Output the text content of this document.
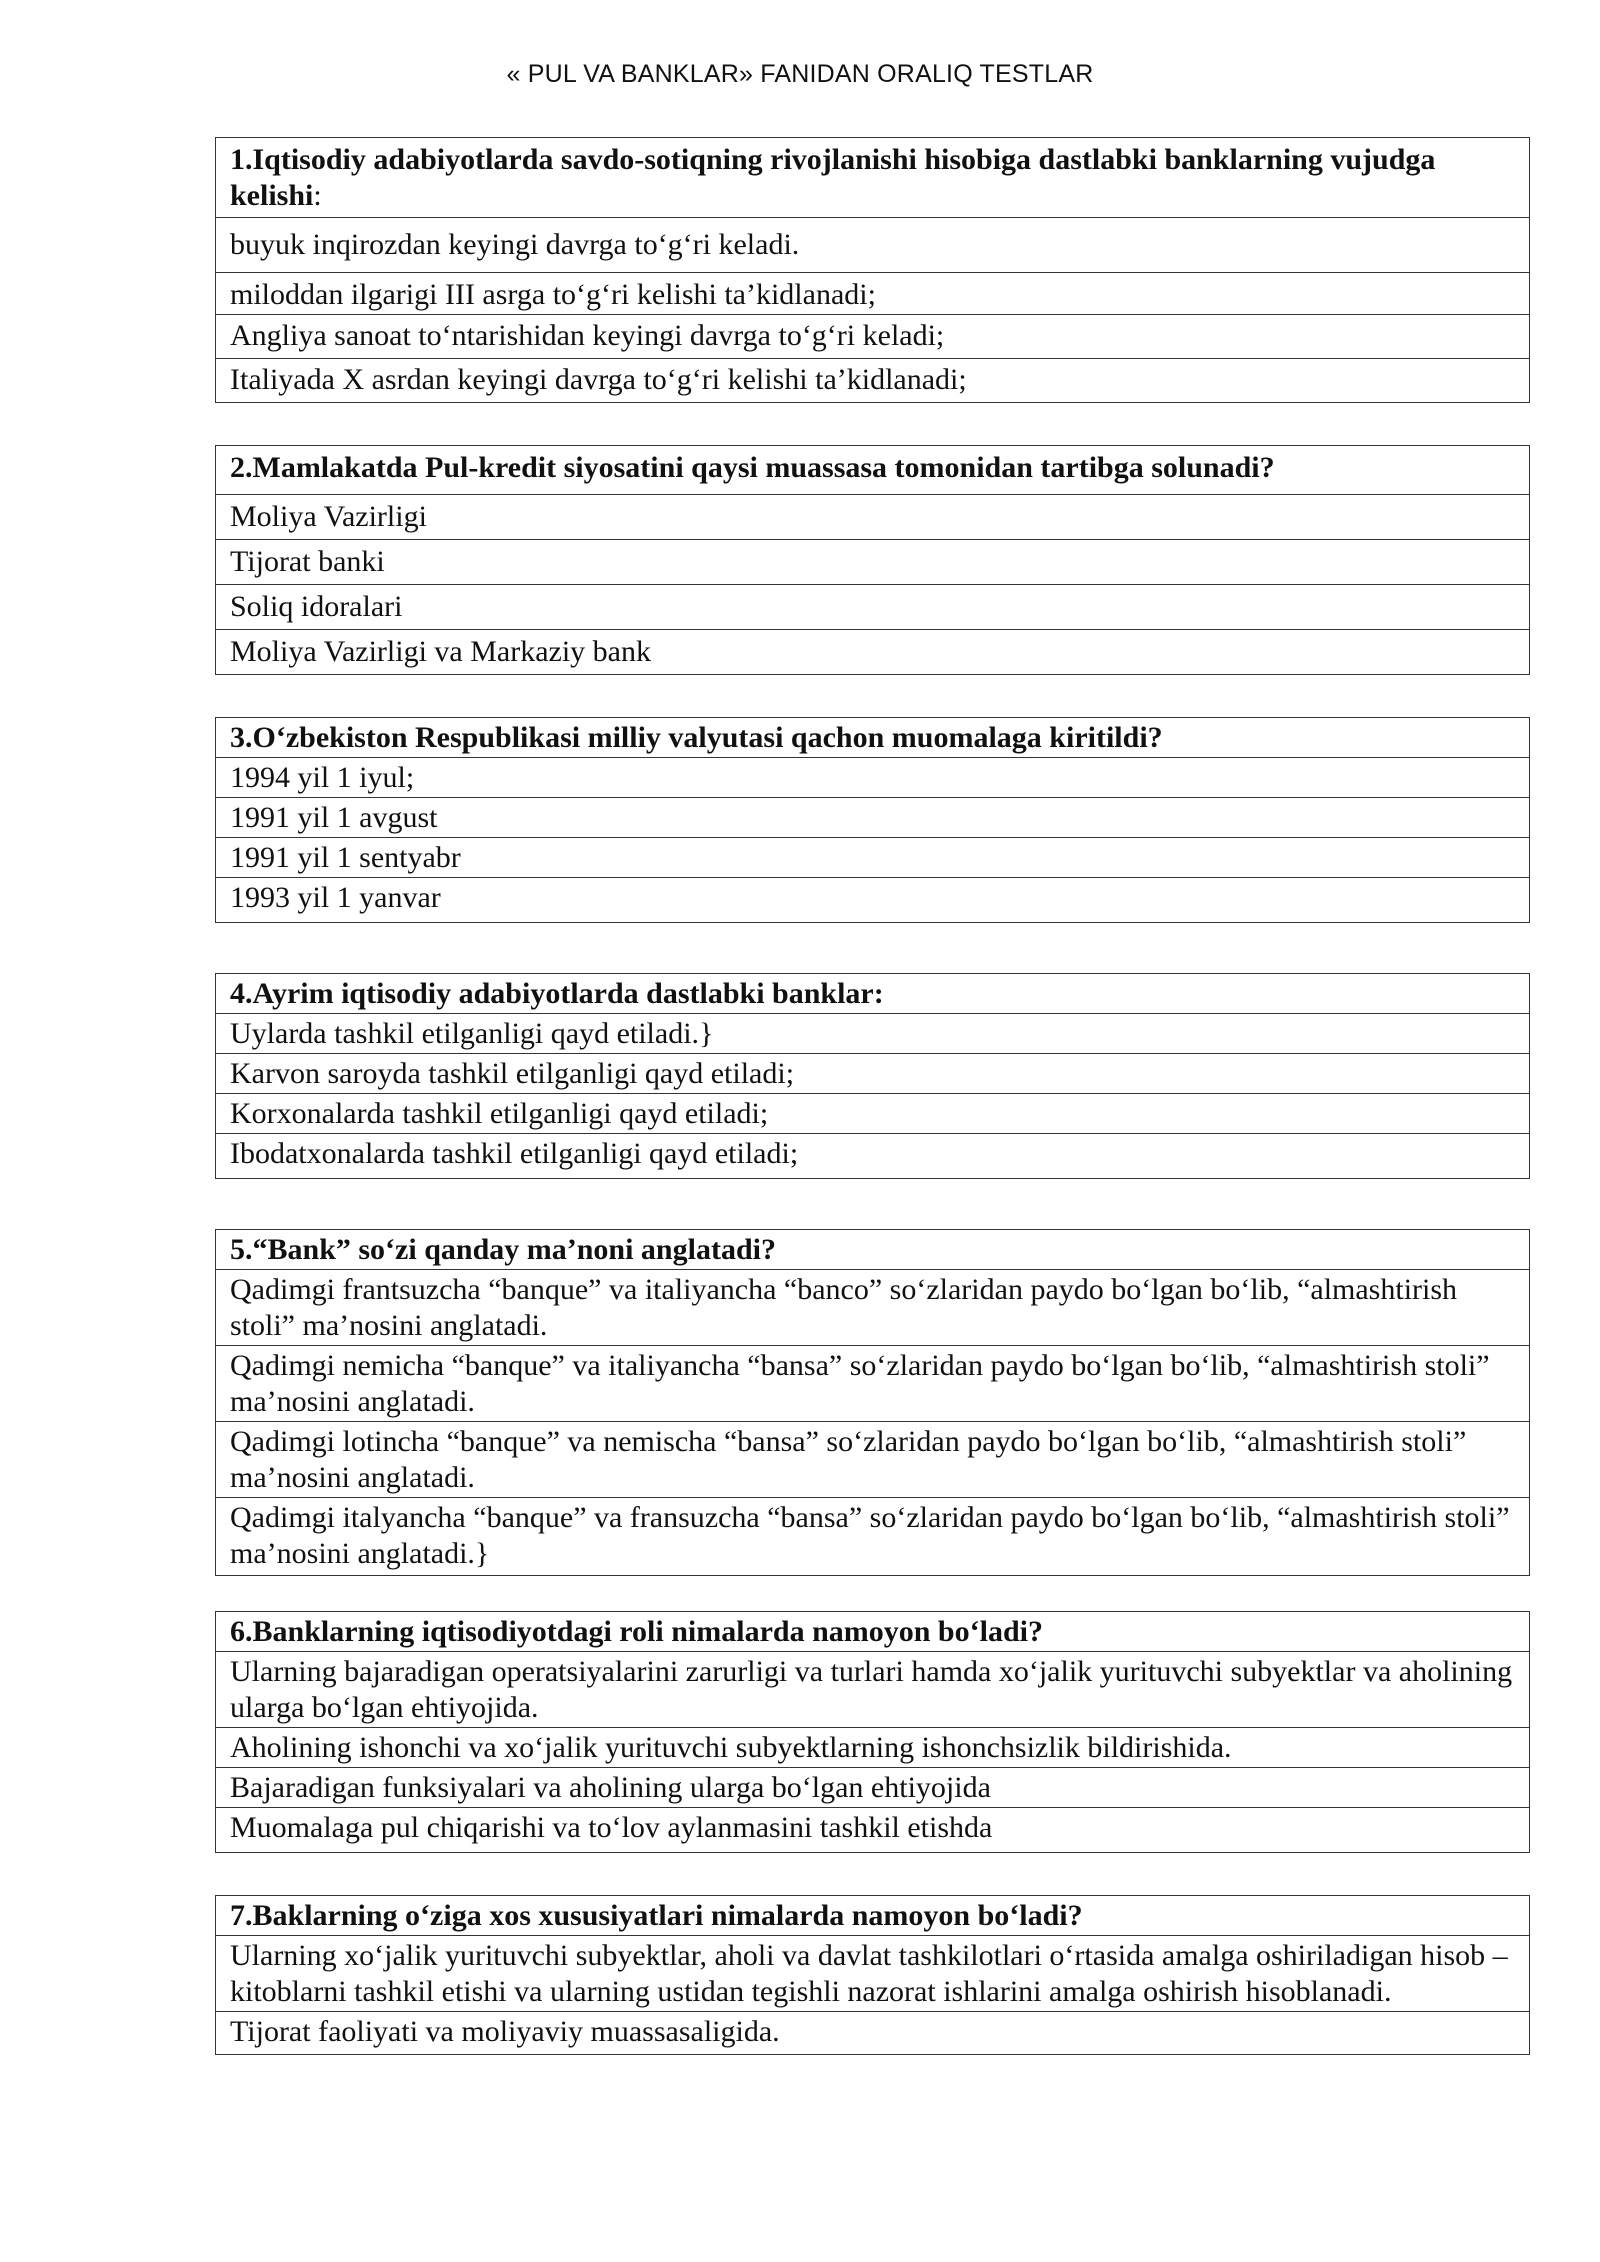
« PUL VA BANKLAR» FANIDAN ORALIQ TESTLAR
1.Iqtisodiy adabiyotlarda savdo-sotiqning rivojlanishi hisobiga dastlabki banklarning vujudga kelishi:
buyuk inqirozdan keyingi davrga to‘g‘ri keladi.
miloddan ilgarigi III asrga to‘g‘ri kelishi ta’kidlanadi;
Angliya sanoat to‘ntarishidan keyingi davrga to‘g‘ri keladi;
Italiyada X asrdan keyingi davrga to‘g‘ri kelishi ta’kidlanadi;
2.Mamlakatda Pul-kredit siyosatini qaysi muassasa tomonidan tartibga solunadi?
Moliya Vazirligi
Tijorat banki
Soliq idoralari
Moliya Vazirligi va Markaziy bank
3.O‘zbekiston Respublikasi milliy valyutasi qachon muomalaga kiritildi?
1994 yil 1 iyul;
1991 yil 1 avgust
1991 yil 1 sentyabr
1993 yil 1 yanvar
4.Ayrim iqtisodiy adabiyotlarda dastlabki banklar:
Uylarda tashkil etilganligi qayd etiladi.}
Karvon saroyda tashkil etilganligi qayd etiladi;
Korxonalarda tashkil etilganligi qayd etiladi;
Ibodatxonalarda tashkil etilganligi qayd etiladi;
5.“Bank” so‘zi qanday ma’noni anglatadi?
Qadimgi frantsuzcha “banque” va italiyancha “banco” so‘zlaridan paydo bo‘lgan bo‘lib, “almashtirish stoli” ma’nosini anglatadi.
Qadimgi nemicha “banque” va italiyancha “bansa” so‘zlaridan paydo bo‘lgan bo‘lib, “almashtirish stoli” ma’nosini anglatadi.
Qadimgi lotincha “banque” va nemischa “bansa” so‘zlaridan paydo bo‘lgan bo‘lib, “almashtirish stoli” ma’nosini anglatadi.
Qadimgi italyancha “banque” va fransuzcha “bansa” so‘zlaridan paydo bo‘lgan bo‘lib, “almashtirish stoli” ma’nosini anglatadi.}
6.Banklarning iqtisodiyotdagi roli nimalarda namoyon bo‘ladi?
Ularning bajaradigan operatsiyalarini zarurligi va turlari hamda xo‘jalik yurituvchi subyektlar va aholining ularga bo‘lgan ehtiyojida.
Aholining ishonchi va xo‘jalik yurituvchi subyektlarning ishonchsizlik bildirishida.
Bajaradigan funksiyalari va aholining ularga bo‘lgan ehtiyojida
Muomalaga pul chiqarishi va to‘lov aylanmasini tashkil etishda
7.Baklarning o‘ziga xos xususiyatlari nimalarda namoyon bo‘ladi?
Ularning xo‘jalik yurituvchi subyektlar, aholi va davlat tashkilotlari o‘rtasida amalga oshiriladigan hisob – kitoblarni tashkil etishi va ularning ustidan tegishli nazorat ishlarini amalga oshirish hisoblanadi.
Tijorat faoliyati va moliyaviy muassasaligida.
